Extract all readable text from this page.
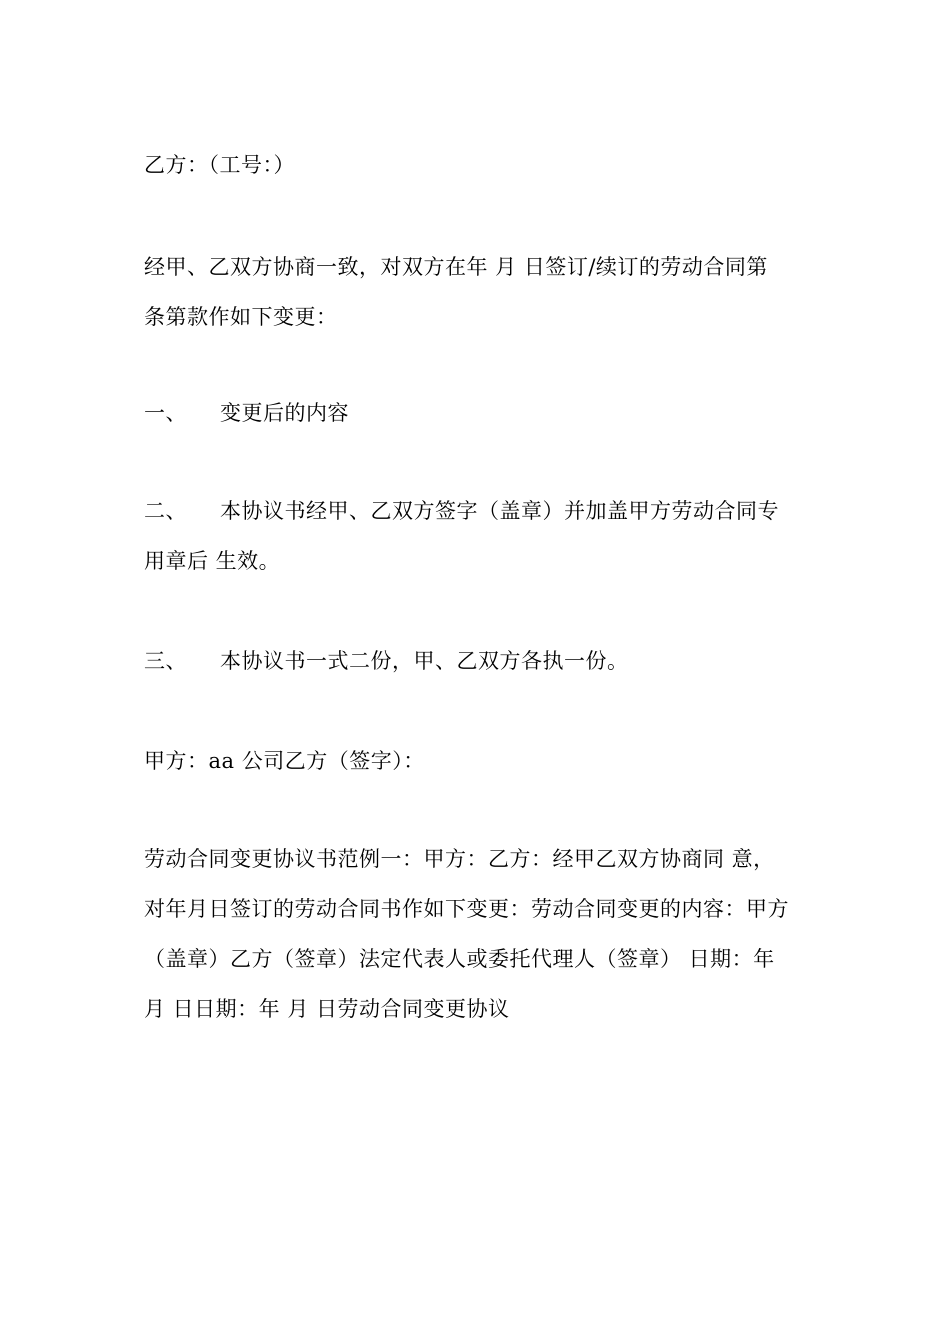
乙方：（工号：）
经甲、乙双方协商一致，对双方在年 月 日签订/续订的劳动合同第
条第款作如下变更：
一、 变更后的内容
二、 本协议书经甲、乙双方签字（盖章）并加盖甲方劳动合同专
用章后 生效。
三、 本协议书一式二份，甲、乙双方各执一份。
甲方：aa 公司乙方（签字）：
劳动合同变更协议书范例一：甲方：乙方：经甲乙双方协商同 意，
对年月日签订的劳动合同书作如下变更：劳动合同变更的内容：甲方
（盖章）乙方（签章）法定代表人或委托代理人（签章） 日期：年
月 日日期：年 月 日劳动合同变更协议
